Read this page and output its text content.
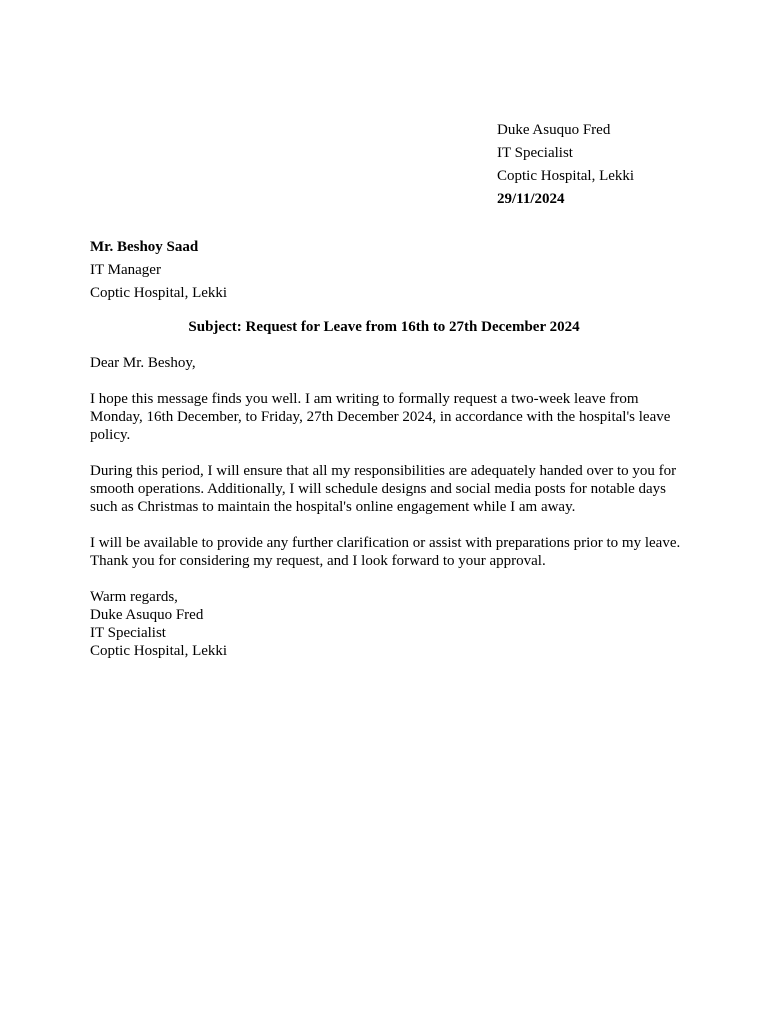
Duke Asuquo Fred
IT Specialist
Coptic Hospital, Lekki
29/11/2024
Mr. Beshoy Saad
IT Manager
Coptic Hospital, Lekki
Subject: Request for Leave from 16th to 27th December 2024

Dear Mr. Beshoy,

I hope this message finds you well. I am writing to formally request a two-week leave from Monday, 16th December, to Friday, 27th December 2024, in accordance with the hospital's leave policy.

During this period, I will ensure that all my responsibilities are adequately handed over to you for smooth operations. Additionally, I will schedule designs and social media posts for notable days such as Christmas to maintain the hospital's online engagement while I am away.

I will be available to provide any further clarification or assist with preparations prior to my leave. Thank you for considering my request, and I look forward to your approval.

Warm regards,
Duke Asuquo Fred
IT Specialist
Coptic Hospital, Lekki
